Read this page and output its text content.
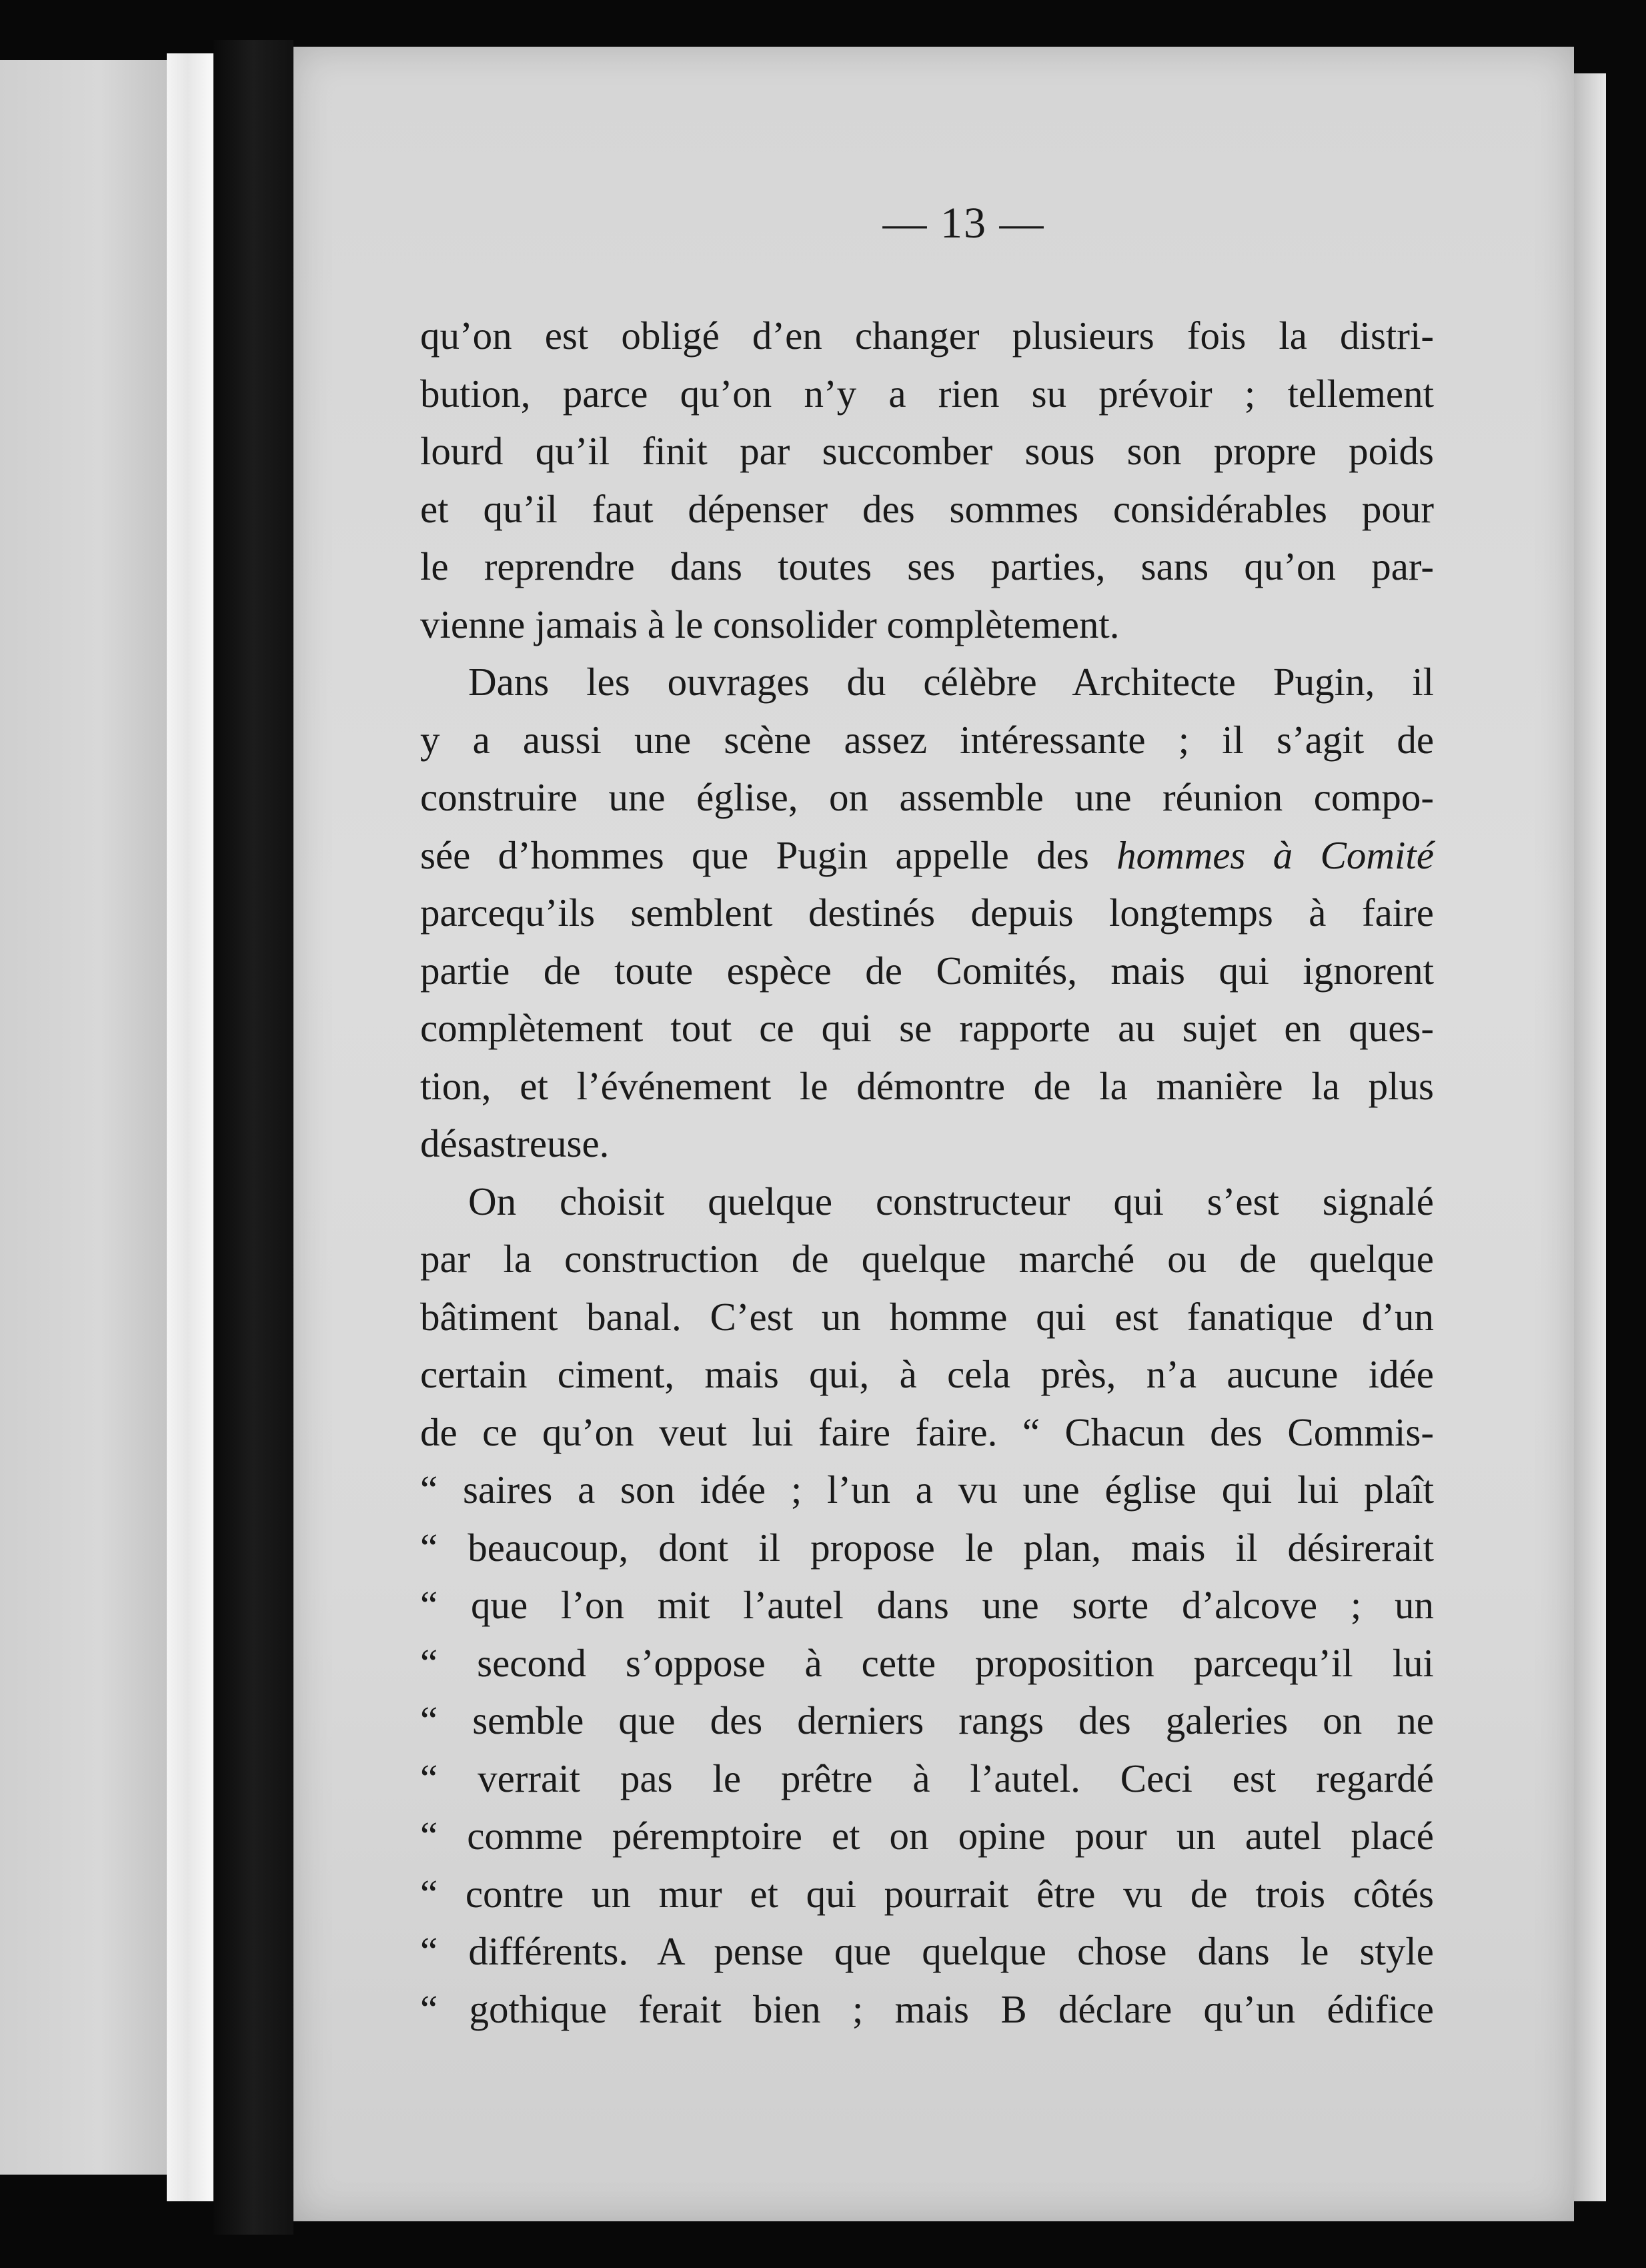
— 13 —
qu’on est obligé d’en changer plusieurs fois la distri-
bution, parce qu’on n’y a rien su prévoir ; tellement
lourd qu’il finit par succomber sous son propre poids
et qu’il faut dépenser des sommes considérables pour
le reprendre dans toutes ses parties, sans qu’on par-
vienne jamais à le consolider complètement.
Dans les ouvrages du célèbre Architecte Pugin, il
y a aussi une scène assez intéressante ; il s’agit de
construire une église, on assemble une réunion compo-
sée d’hommes que Pugin appelle des hommes à Comité
parcequ’ils semblent destinés depuis longtemps à faire
partie de toute espèce de Comités, mais qui ignorent
complètement tout ce qui se rapporte au sujet en ques-
tion, et l’événement le démontre de la manière la plus
désastreuse.
On choisit quelque constructeur qui s’est signalé
par la construction de quelque marché ou de quelque
bâtiment banal. C’est un homme qui est fanatique d’un
certain ciment, mais qui, à cela près, n’a aucune idée
de ce qu’on veut lui faire faire. “ Chacun des Commis-
“ saires a son idée ; l’un a vu une église qui lui plaît
“ beaucoup, dont il propose le plan, mais il désirerait
“ que l’on mit l’autel dans une sorte d’alcove ; un
“ second s’oppose à cette proposition parcequ’il lui
“ semble que des derniers rangs des galeries on ne
“ verrait pas le prêtre à l’autel. Ceci est regardé
“ comme péremptoire et on opine pour un autel placé
“ contre un mur et qui pourrait être vu de trois côtés
“ différents. A pense que quelque chose dans le style
“ gothique ferait bien ; mais B déclare qu’un édifice
